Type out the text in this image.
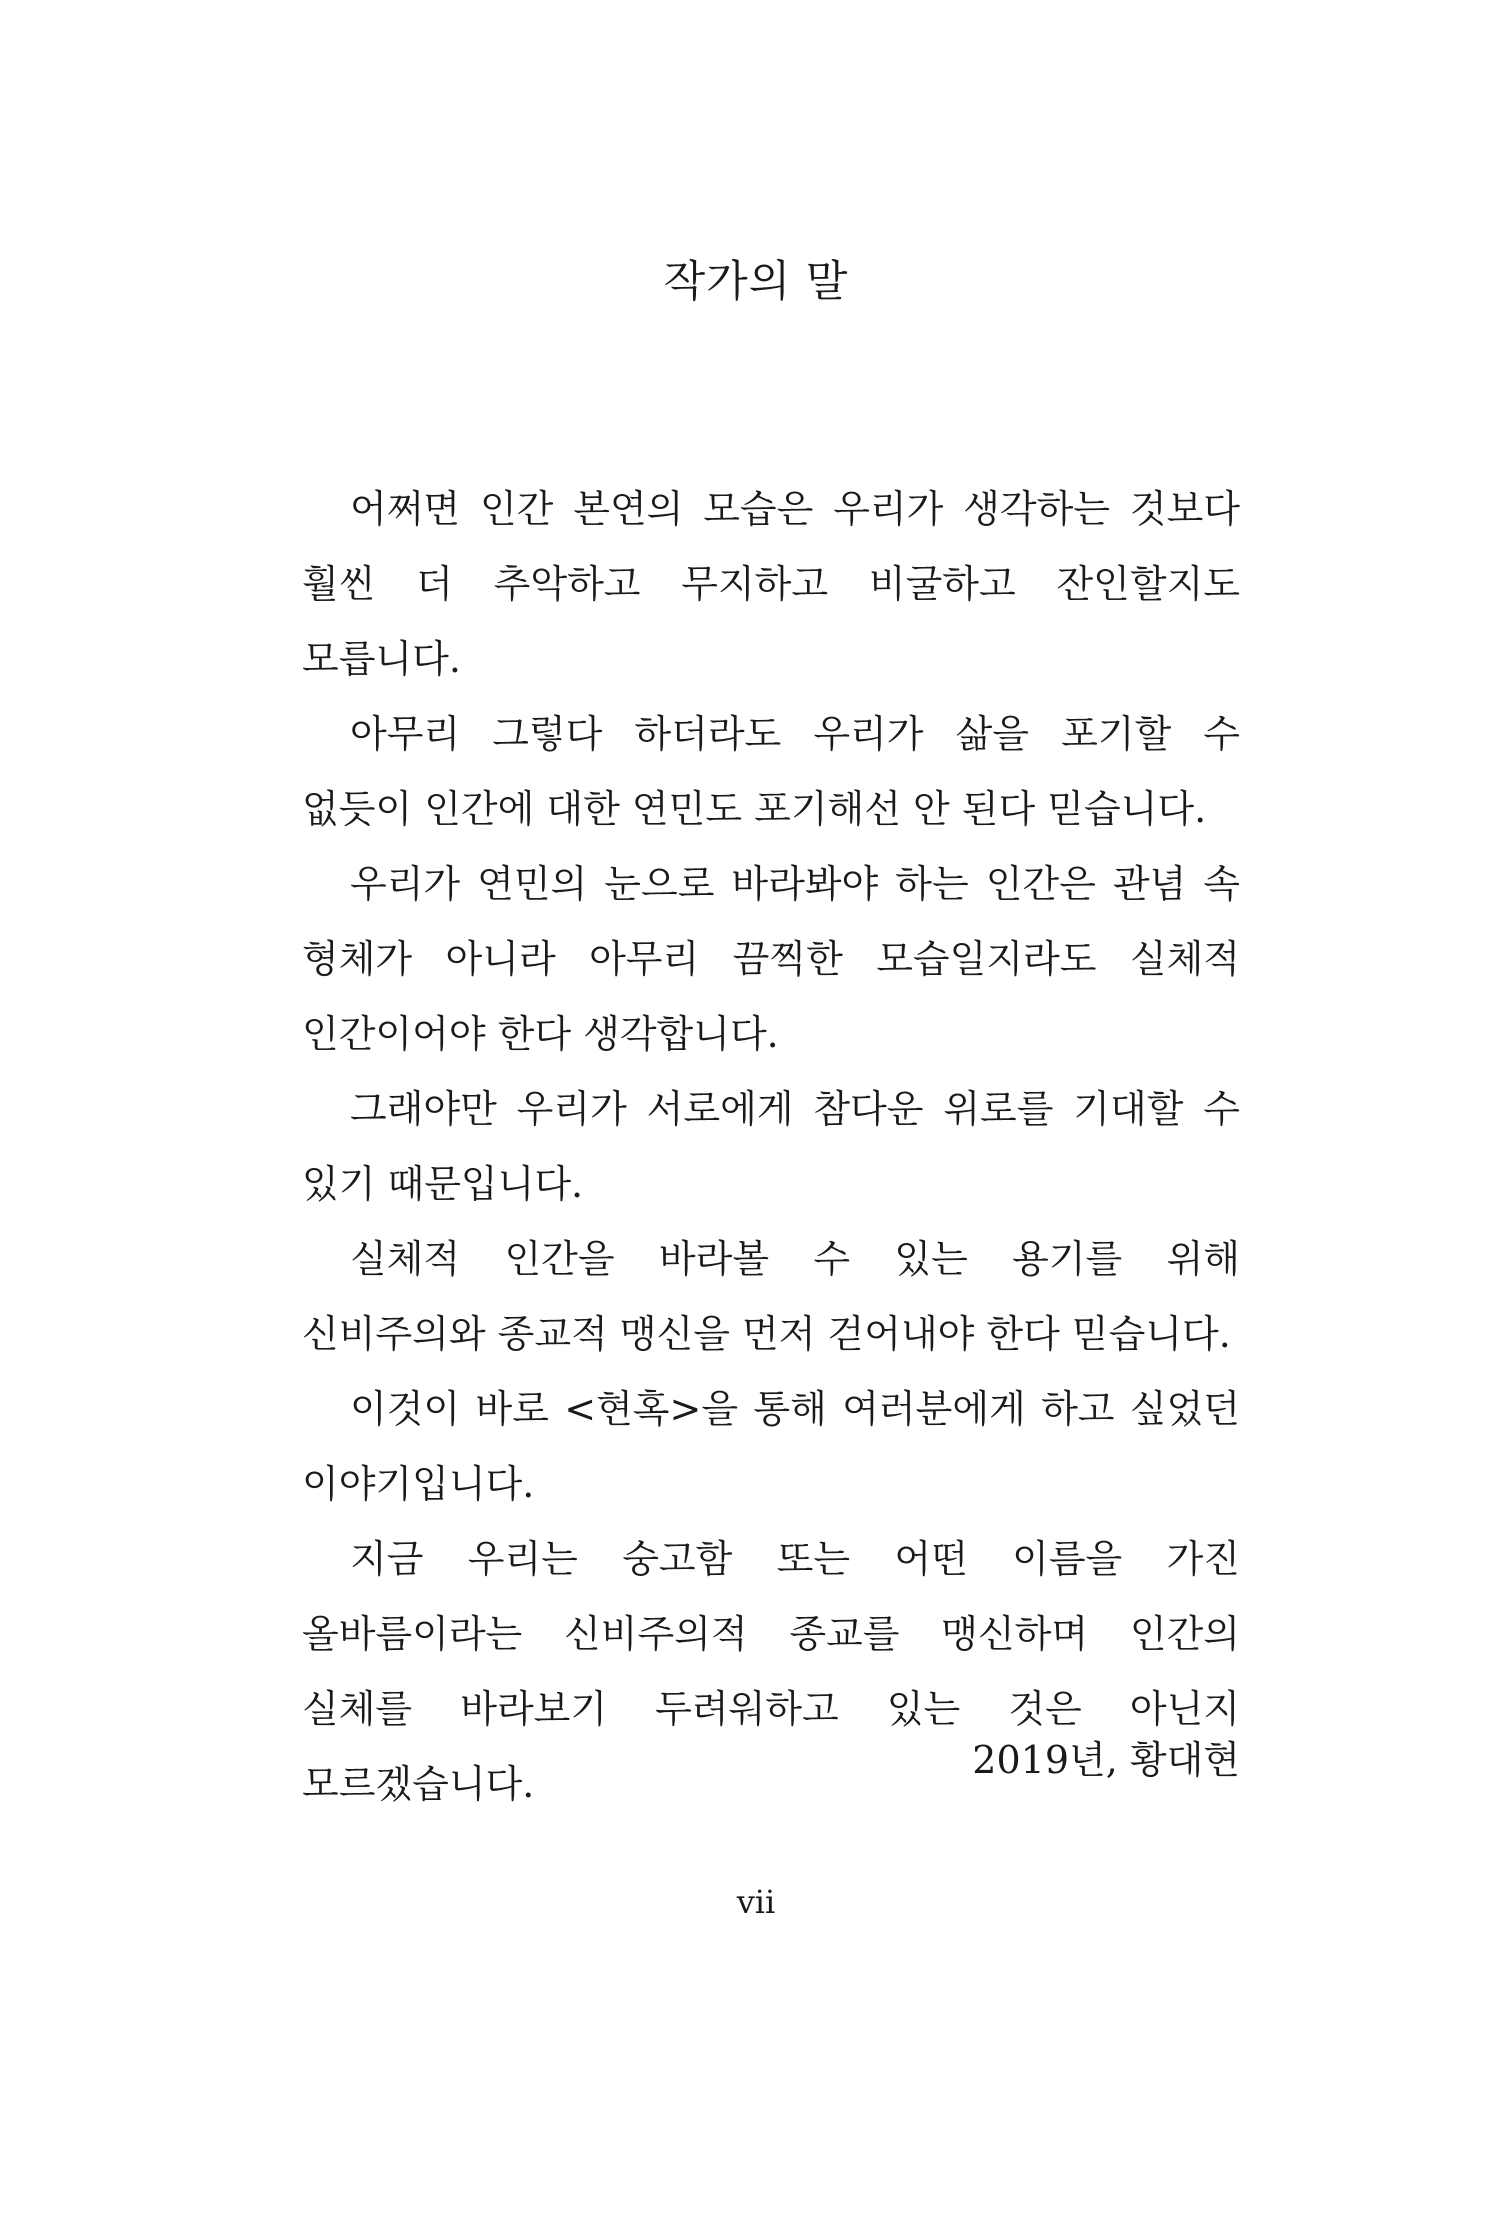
작가의 말

어쩌면 인간 본연의 모습은 우리가 생각하는 것보다 훨씬 더 추악하고 무지하고 비굴하고 잔인할지도 모릅니다.

아무리 그렇다 하더라도 우리가 삶을 포기할 수 없듯이 인간에 대한 연민도 포기해선 안 된다 믿습니다.

우리가 연민의 눈으로 바라봐야 하는 인간은 관념 속 형체가 아니라 아무리 끔찍한 모습일지라도 실체적 인간이어야 한다 생각합니다.

그래야만 우리가 서로에게 참다운 위로를 기대할 수 있기 때문입니다.

실체적 인간을 바라볼 수 있는 용기를 위해 신비주의와 종교적 맹신을 먼저 걷어내야 한다 믿습니다.

이것이 바로 <현혹>을 통해 여러분에게 하고 싶었던 이야기입니다.

지금 우리는 숭고함 또는 어떤 이름을 가진 올바름이라는 신비주의적 종교를 맹신하며 인간의 실체를 바라보기 두려워하고 있는 것은 아닌지 모르겠습니다.

2019년, 황대현
vii
